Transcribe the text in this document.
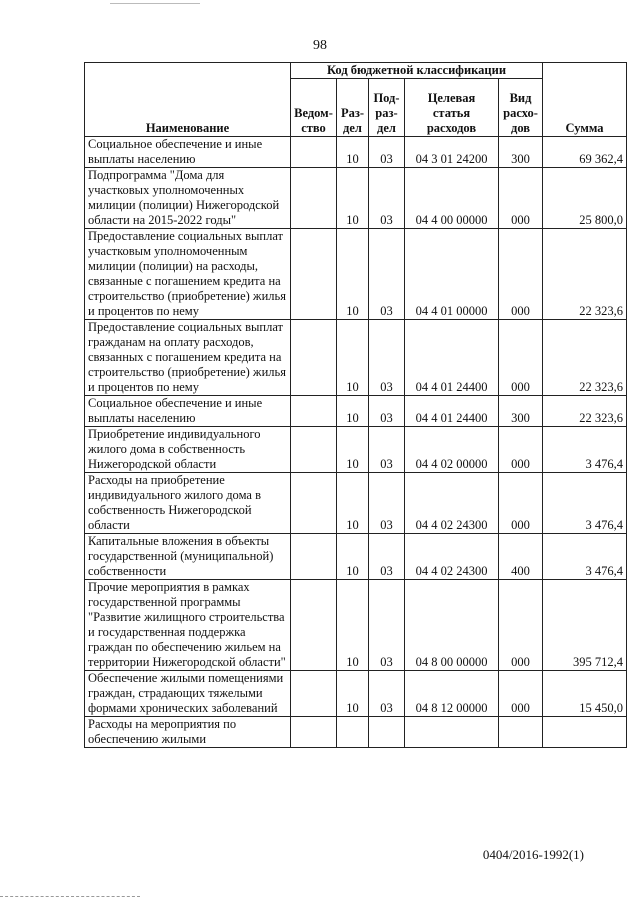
98
Наименование	Код бюджетной классификации					Сумма
	Ведом-ство	Раз-дел	Под-раз-дел	Целевая статья расходов	Вид расхо-дов	
Социальное обеспечение и иные выплаты населению		10	03	04 3 01 24200	300	69 362,4
Подпрограмма "Дома для участковых уполномоченных милиции (полиции) Нижегородской области на 2015-2022 годы"		10	03	04 4 00 00000	000	25 800,0
Предоставление социальных выплат участковым уполномоченным милиции (полиции) на расходы, связанные с погашением кредита на строительство (приобретение) жилья и процентов по нему		10	03	04 4 01 00000	000	22 323,6
Предоставление социальных выплат гражданам на оплату расходов, связанных с погашением кредита на строительство (приобретение) жилья и процентов по нему		10	03	04 4 01 24400	000	22 323,6
Социальное обеспечение и иные выплаты населению		10	03	04 4 01 24400	300	22 323,6
Приобретение индивидуального жилого дома в собственность Нижегородской области		10	03	04 4 02 00000	000	3 476,4
Расходы на приобретение индивидуального жилого дома в собственность Нижегородской области		10	03	04 4 02 24300	000	3 476,4
Капитальные вложения в объекты государственной (муниципальной) собственности		10	03	04 4 02 24300	400	3 476,4
Прочие мероприятия в рамках государственной программы "Развитие жилищного строительства и государственная поддержка граждан по обеспечению жильем на территории Нижегородской области"		10	03	04 8 00 00000	000	395 712,4
Обеспечение жилыми помещениями граждан, страдающих тяжелыми формами хронических заболеваний		10	03	04 8 12 00000	000	15 450,0
Расходы на мероприятия по обеспечению жилыми						
0404/2016-1992(1)
